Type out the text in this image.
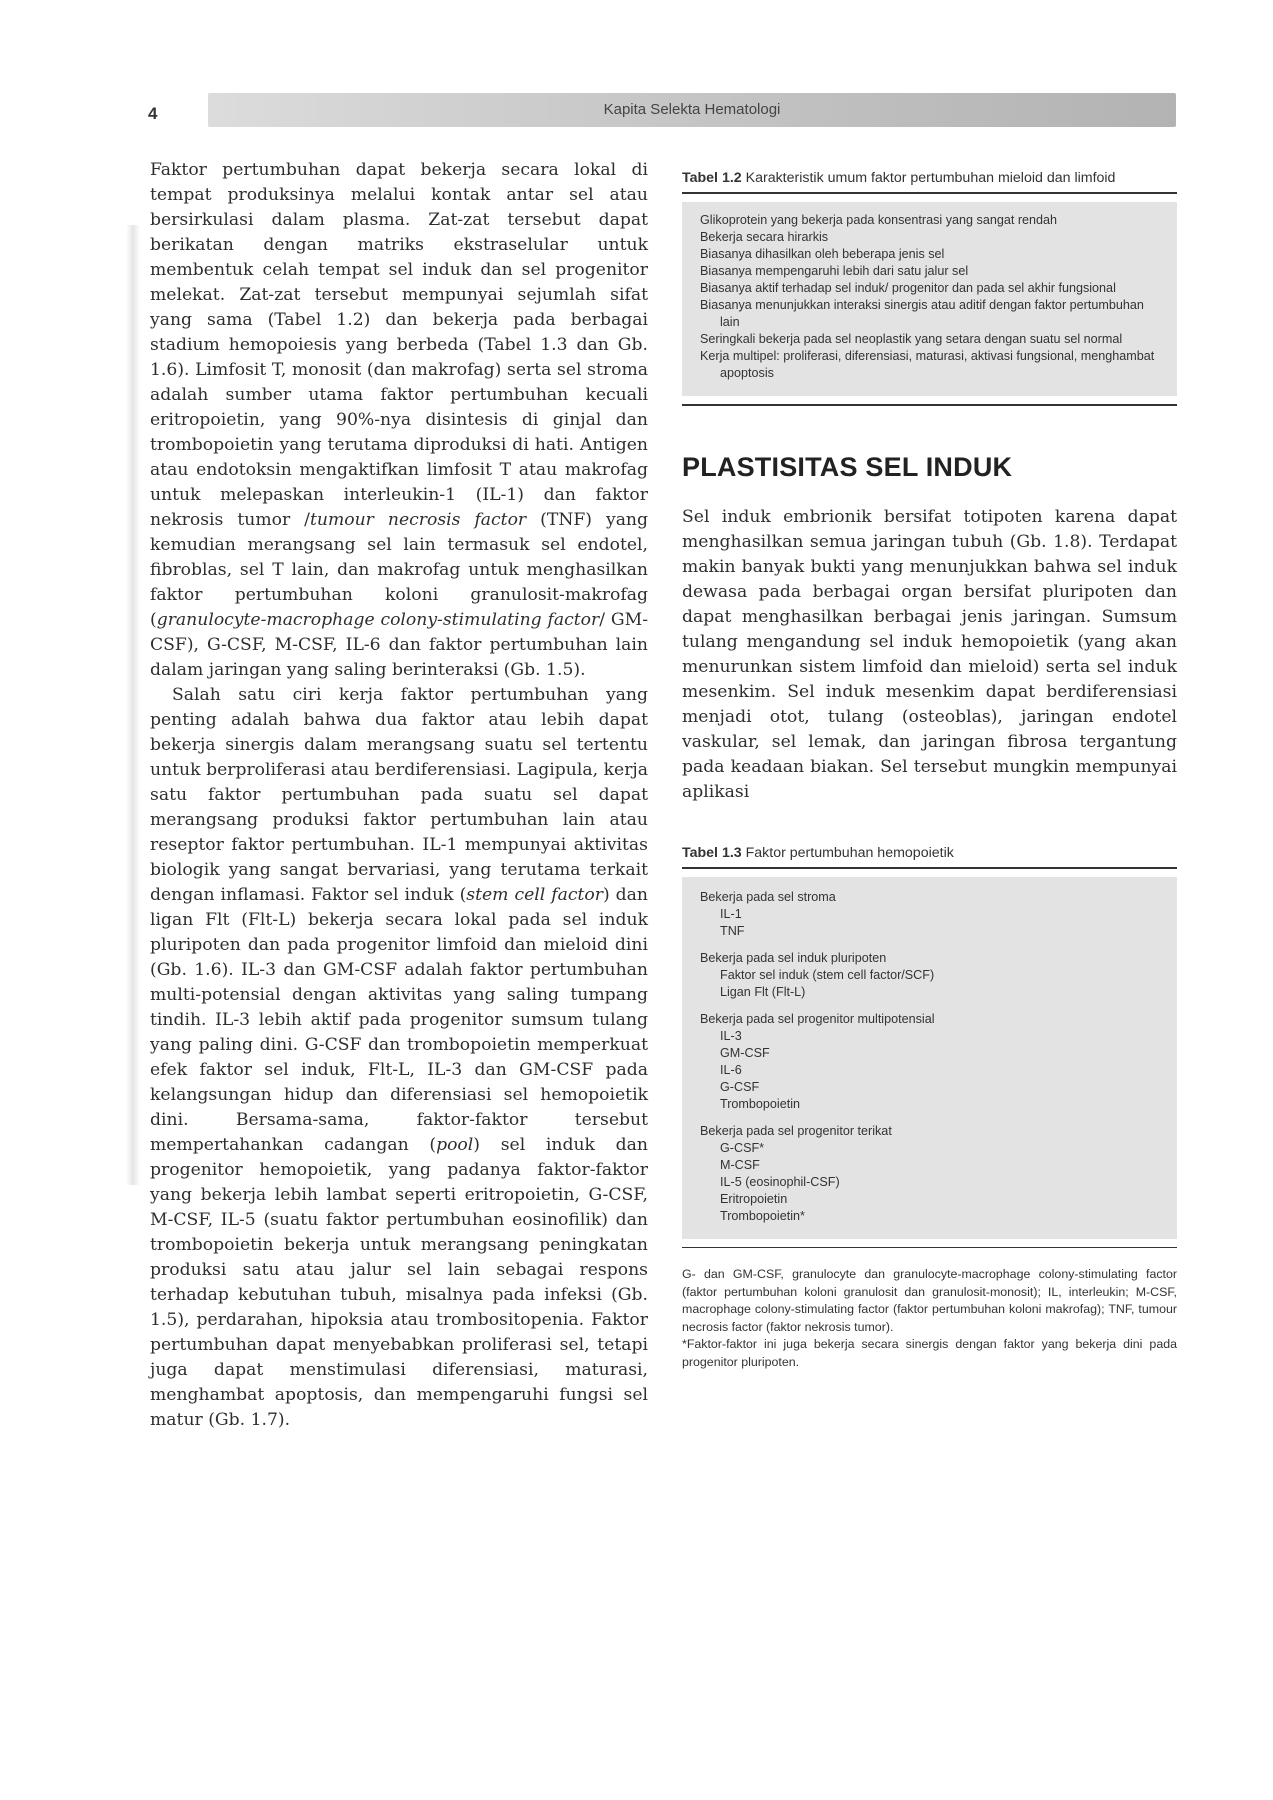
4	Kapita Selekta Hematologi

Faktor pertumbuhan dapat bekerja secara lokal di tempat produksinya melalui kontak antar sel atau bersirkulasi dalam plasma. Zat-zat tersebut dapat berikatan dengan matriks ekstraselular untuk membentuk celah tempat sel induk dan sel progenitor melekat. Zat-zat tersebut mempunyai sejumlah sifat yang sama (Tabel 1.2) dan bekerja pada berbagai stadium hemopoiesis yang berbeda (Tabel 1.3 dan Gb. 1.6). Limfosit T, monosit (dan makrofag) serta sel stroma adalah sumber utama faktor pertumbuhan kecuali eritropoietin, yang 90%-nya disintesis di ginjal dan trombopoietin yang terutama diproduksi di hati. Antigen atau endotoksin mengaktifkan limfosit T atau makrofag untuk melepaskan interleukin-1 (IL-1) dan faktor nekrosis tumor /tumour necrosis factor (TNF) yang kemudian merangsang sel lain termasuk sel endotel, fibroblas, sel T lain, dan makrofag untuk menghasilkan faktor pertumbuhan koloni granulosit-makrofag (granulocyte-macrophage colony-stimulating factor/ GM-CSF), G-CSF, M-CSF, IL-6 dan faktor pertumbuhan lain dalam jaringan yang saling berinteraksi (Gb. 1.5).

Salah satu ciri kerja faktor pertumbuhan yang penting adalah bahwa dua faktor atau lebih dapat bekerja sinergis dalam merangsang suatu sel tertentu untuk berproliferasi atau berdiferensiasi. Lagipula, kerja satu faktor pertumbuhan pada suatu sel dapat merangsang produksi faktor pertumbuhan lain atau reseptor faktor pertumbuhan. IL-1 mempunyai aktivitas biologik yang sangat bervariasi, yang terutama terkait dengan inflamasi. Faktor sel induk (stem cell factor) dan ligan Flt (Flt-L) bekerja secara lokal pada sel induk pluripoten dan pada progenitor limfoid dan mieloid dini (Gb. 1.6). IL-3 dan GM-CSF adalah faktor pertumbuhan multi-potensial dengan aktivitas yang saling tumpang tindih. IL-3 lebih aktif pada progenitor sumsum tulang yang paling dini. G-CSF dan trombopoietin memperkuat efek faktor sel induk, Flt-L, IL-3 dan GM-CSF pada kelangsungan hidup dan diferensiasi sel hemopoietik dini. Bersama-sama, faktor-faktor tersebut mempertahankan cadangan (pool) sel induk dan progenitor hemopoietik, yang padanya faktor-faktor yang bekerja lebih lambat seperti eritropoietin, G-CSF, M-CSF, IL-5 (suatu faktor pertumbuhan eosinofilik) dan trombopoietin bekerja untuk merangsang peningkatan produksi satu atau jalur sel lain sebagai respons terhadap kebutuhan tubuh, misalnya pada infeksi (Gb. 1.5), perdarahan, hipoksia atau trombositopenia. Faktor pertumbuhan dapat menyebabkan proliferasi sel, tetapi juga dapat menstimulasi diferensiasi, maturasi, menghambat apoptosis, dan mempengaruhi fungsi sel matur (Gb. 1.7).

Tabel 1.2 Karakteristik umum faktor pertumbuhan mieloid dan limfoid

Glikoprotein yang bekerja pada konsentrasi yang sangat rendah

Bekerja secara hirarkis

Biasanya dihasilkan oleh beberapa jenis sel

Biasanya mempengaruhi lebih dari satu jalur sel

Biasanya aktif terhadap sel induk/ progenitor dan pada sel akhir fungsional

Biasanya menunjukkan interaksi sinergis atau aditif dengan faktor pertumbuhan lain

Seringkali bekerja pada sel neoplastik yang setara dengan suatu sel normal

Kerja multipel: proliferasi, diferensiasi, maturasi, aktivasi fungsional, menghambat apoptosis

PLASTISITAS SEL INDUK

Sel induk embrionik bersifat totipoten karena dapat menghasilkan semua jaringan tubuh (Gb. 1.8). Terdapat makin banyak bukti yang menunjukkan bahwa sel induk dewasa pada berbagai organ bersifat pluripoten dan dapat menghasilkan berbagai jenis jaringan. Sumsum tulang mengandung sel induk hemopoietik (yang akan menurunkan sistem limfoid dan mieloid) serta sel induk mesenkim. Sel induk mesenkim dapat berdiferensiasi menjadi otot, tulang (osteoblas), jaringan endotel vaskular, sel lemak, dan jaringan fibrosa tergantung pada keadaan biakan. Sel tersebut mungkin mempunyai aplikasi

Tabel 1.3 Faktor pertumbuhan hemopoietik

Bekerja pada sel stroma

IL-1

TNF

Bekerja pada sel induk pluripoten

Faktor sel induk (stem cell factor/SCF)

Ligan Flt (Flt-L)

Bekerja pada sel progenitor multipotensial

IL-3

GM-CSF

IL-6

G-CSF

Trombopoietin

Bekerja pada sel progenitor terikat

G-CSF*

M-CSF

IL-5 (eosinophil-CSF)

Eritropoietin

Trombopoietin*

G- dan GM-CSF, granulocyte dan granulocyte-macrophage colony-stimulating factor (faktor pertumbuhan koloni granulosit dan granulosit-monosit); IL, interleukin; M-CSF, macrophage colony-stimulating factor (faktor pertumbuhan koloni makrofag); TNF, tumour necrosis factor (faktor nekrosis tumor).

*Faktor-faktor ini juga bekerja secara sinergis dengan faktor yang bekerja dini pada progenitor pluripoten.
